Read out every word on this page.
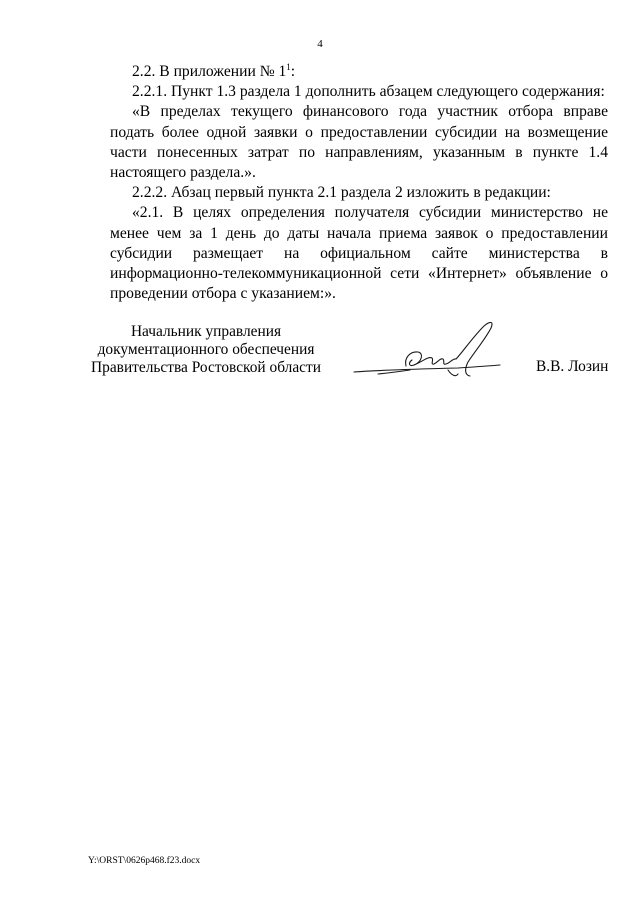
4

2.2. В приложении № $1^1$:

2.2.1. Пункт 1.3 раздела 1 дополнить абзацем следующего содержания:

«В пределах текущего финансового года участник отбора вправе подать более одной заявки о предоставлении субсидии на возмещение части понесенных затрат по направлениям, указанным в пункте 1.4 настоящего раздела.».

2.2.2. Абзац первый пункта 2.1 раздела 2 изложить в редакции:

«2.1. В целях определения получателя субсидии министерство не менее чем за 1 день до даты начала приема заявок о предоставлении субсидии размещает на официальном сайте министерства в информационно-телекоммуникационной сети «Интернет» объявление о проведении отбора с указанием:».

Начальник управления
документационного обеспечения
Правительства Ростовской области	В.В. Лозин
Y:\ORST\0626p468.f23.docx
